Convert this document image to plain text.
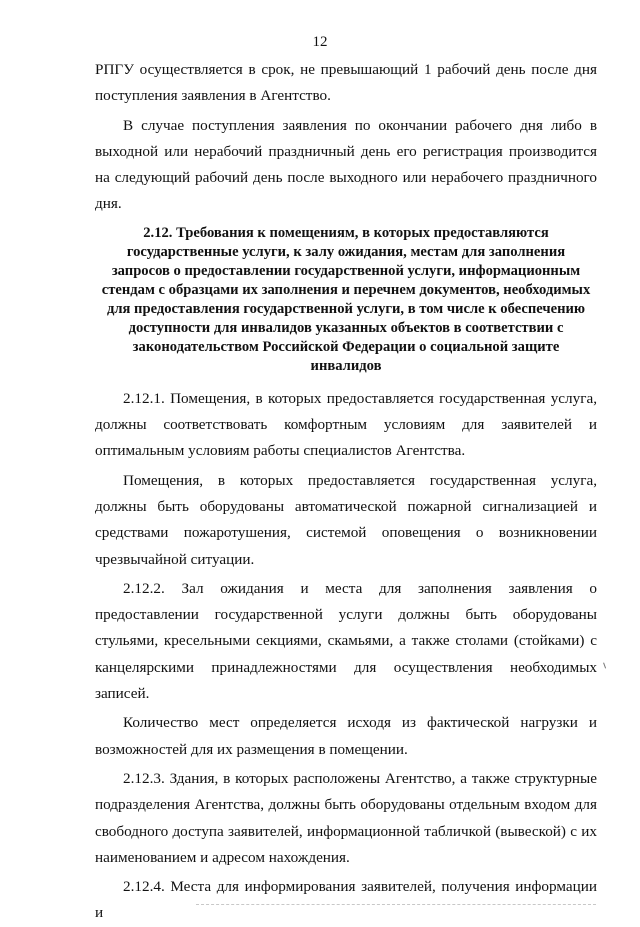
12

РПГУ осуществляется в срок, не превышающий 1 рабочий день после дня поступления заявления в Агентство.

В случае поступления заявления по окончании рабочего дня либо в выходной или нерабочий праздничный день его регистрация производится на следующий рабочий день после выходного или нерабочего праздничного дня.

2.12. Требования к помещениям, в которых предоставляются государственные услуги, к залу ожидания, местам для заполнения запросов о предоставлении государственной услуги, информационным стендам с образцами их заполнения и перечнем документов, необходимых для предоставления государственной услуги, в том числе к обеспечению доступности для инвалидов указанных объектов в соответствии с законодательством Российской Федерации о социальной защите инвалидов

2.12.1. Помещения, в которых предоставляется государственная услуга, должны соответствовать комфортным условиям для заявителей и оптимальным условиям работы специалистов Агентства.

Помещения, в которых предоставляется государственная услуга, должны быть оборудованы автоматической пожарной сигнализацией и средствами пожаротушения, системой оповещения о возникновении чрезвычайной ситуации.

2.12.2. Зал ожидания и места для заполнения заявления о предоставлении государственной услуги должны быть оборудованы стульями, кресельными секциями, скамьями, а также столами (стойками) с канцелярскими принадлежностями для осуществления необходимых записей.

Количество мест определяется исходя из фактической нагрузки и возможностей для их размещения в помещении.

2.12.3. Здания, в которых расположены Агентство, а также структурные подразделения Агентства, должны быть оборудованы отдельным входом для свободного доступа заявителей, информационной табличкой (вывеской) с их наименованием и адресом нахождения.

2.12.4. Места для информирования заявителей, получения информации и
